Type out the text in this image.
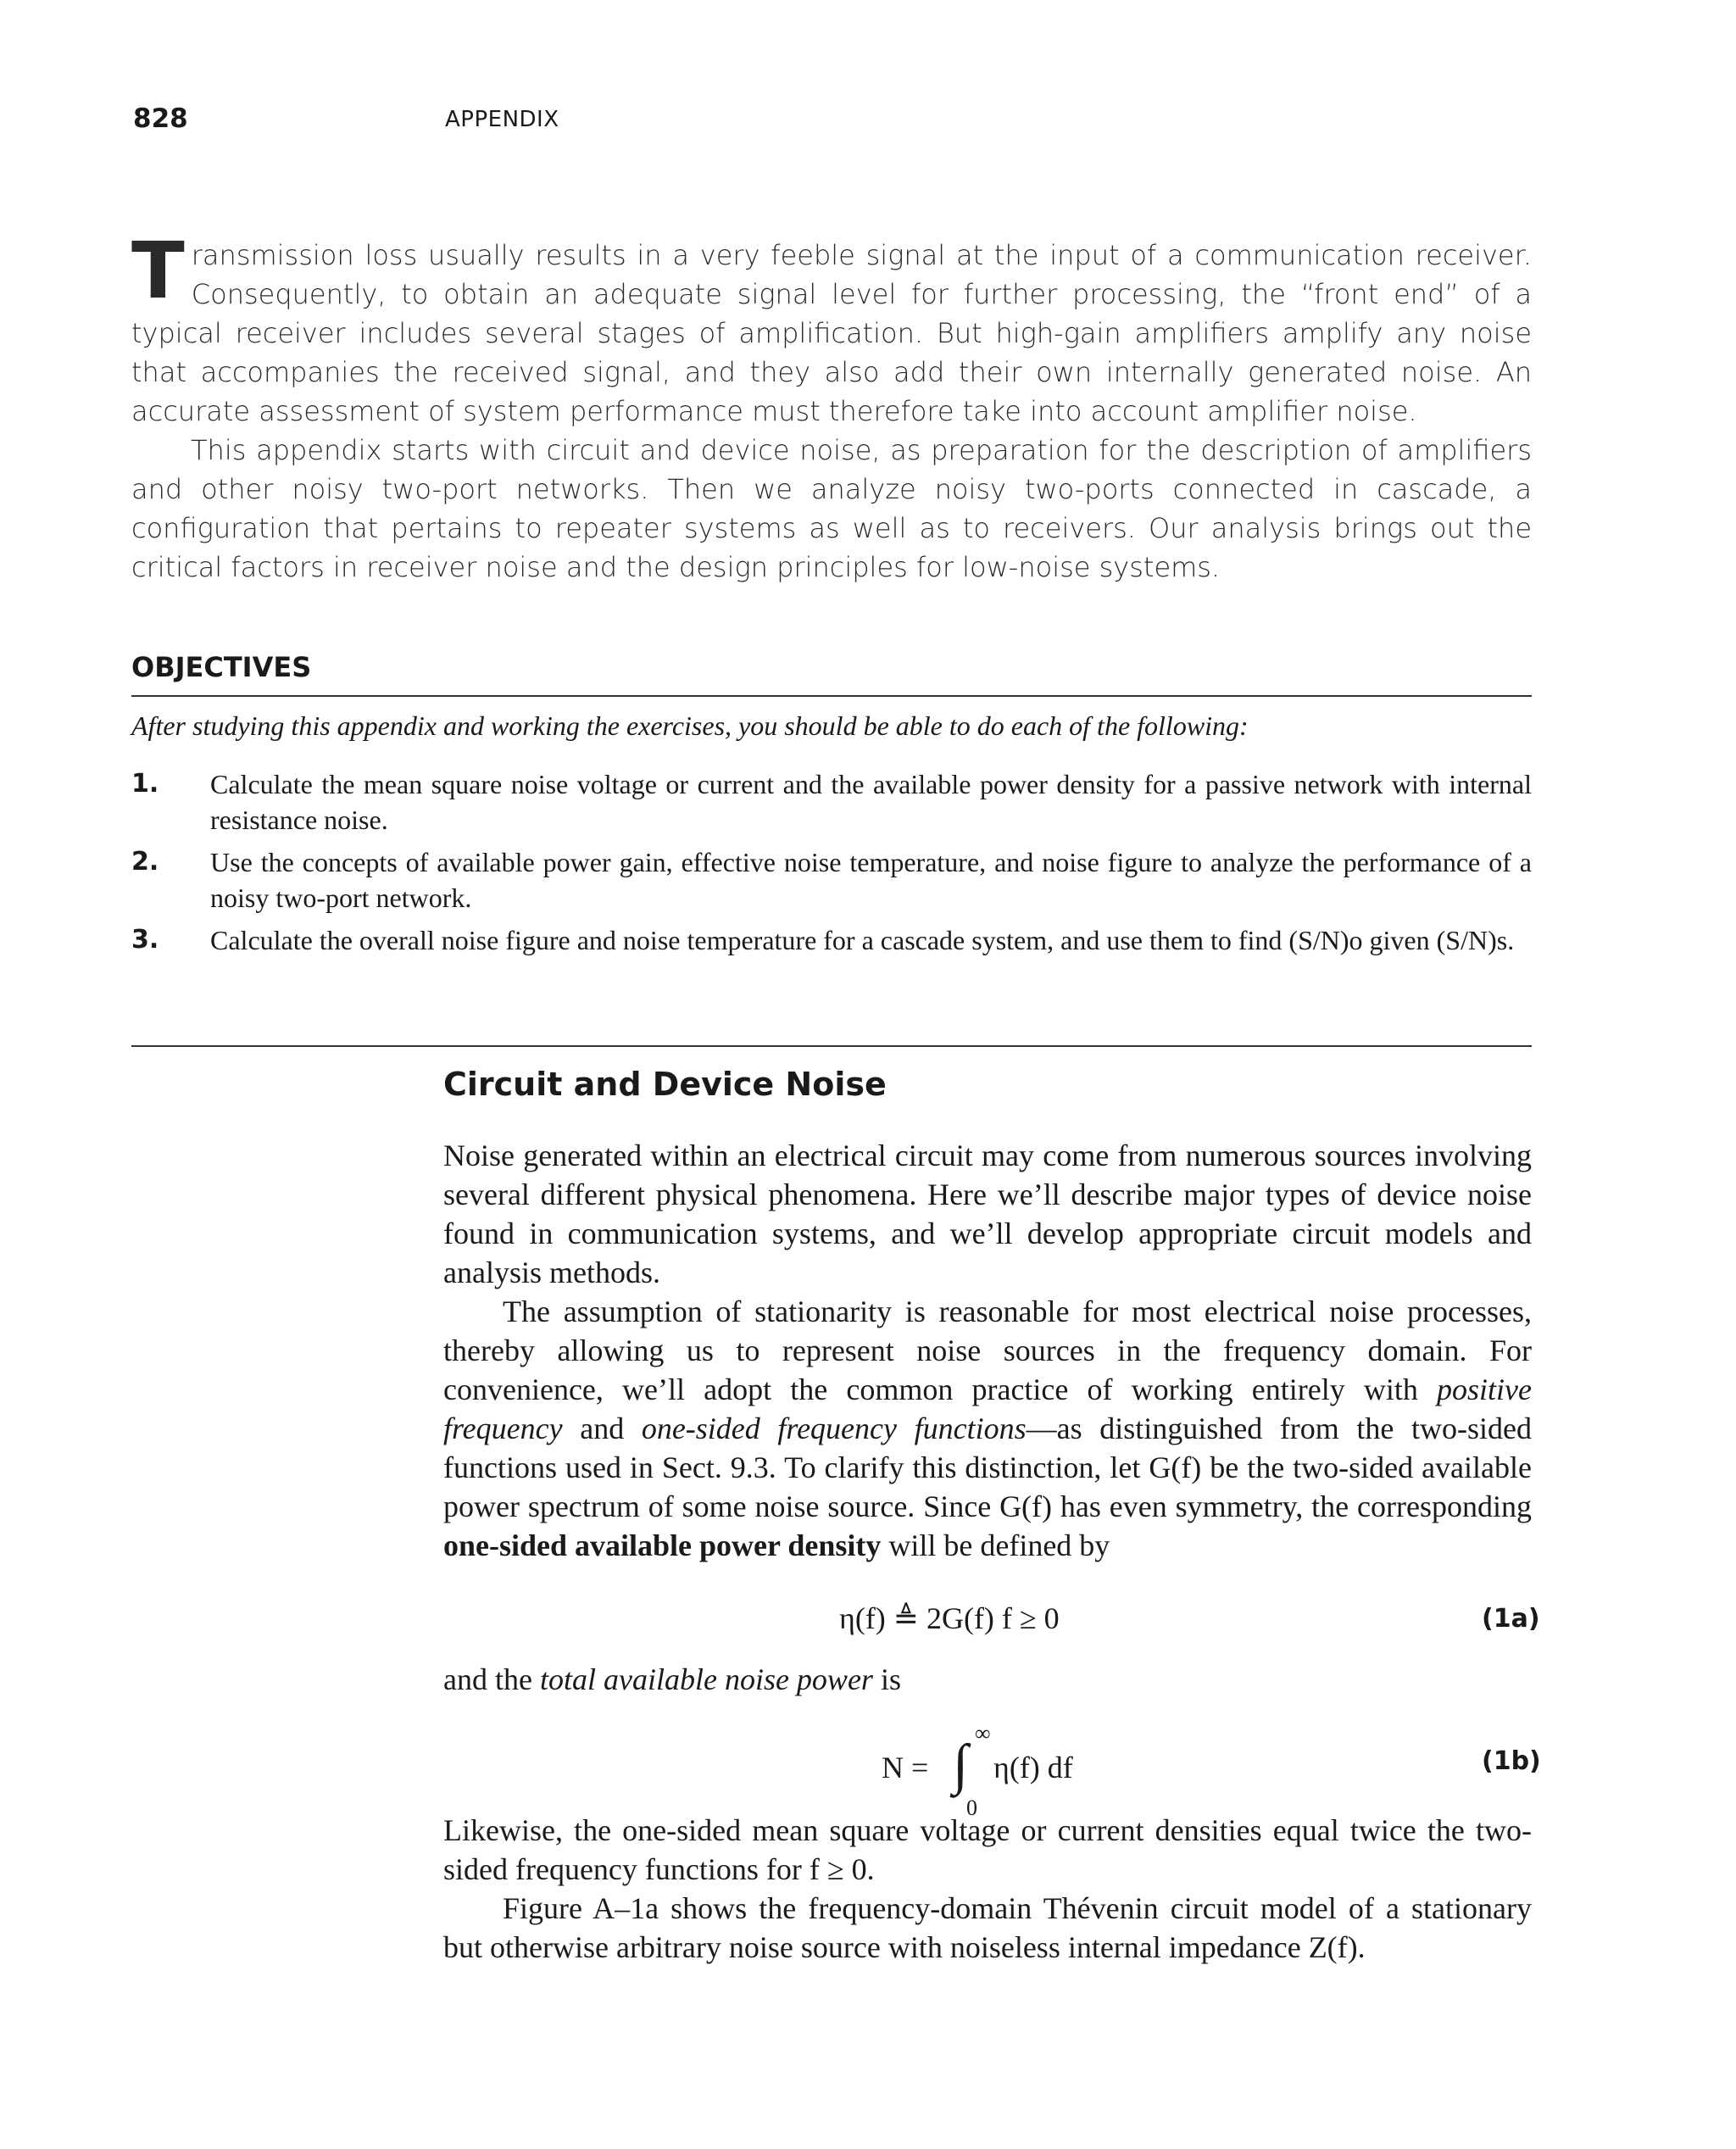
828	APPENDIX

Transmission loss usually results in a very feeble signal at the input of a communication receiver. Consequently, to obtain an adequate signal level for further processing, the “front end” of a typical receiver includes several stages of amplification. But high-gain amplifiers amplify any noise that accompanies the received signal, and they also add their own internally generated noise. An accurate assessment of system performance must therefore take into account amplifier noise.

This appendix starts with circuit and device noise, as preparation for the description of amplifiers and other noisy two-port networks. Then we analyze noisy two-ports connected in cascade, a configuration that pertains to repeater systems as well as to receivers. Our analysis brings out the critical factors in receiver noise and the design principles for low-noise systems.

OBJECTIVES
After studying this appendix and working the exercises, you should be able to do each of the following:
1. Calculate the mean square noise voltage or current and the available power density for a passive network with internal resistance noise.
2. Use the concepts of available power gain, effective noise temperature, and noise figure to analyze the performance of a noisy two-port network.
3. Calculate the overall noise figure and noise temperature for a cascade system, and use them to find (S/N)o given (S/N)s.
Circuit and Device Noise

Noise generated within an electrical circuit may come from numerous sources involving several different physical phenomena. Here we’ll describe major types of device noise found in communication systems, and we’ll develop appropriate circuit models and analysis methods.

The assumption of stationarity is reasonable for most electrical noise processes, thereby allowing us to represent noise sources in the frequency domain. For convenience, we’ll adopt the common practice of working entirely with positive frequency and one-sided frequency functions—as distinguished from the two-sided functions used in Sect. 9.3. To clarify this distinction, let G(f) be the two-sided available power spectrum of some noise source. Since G(f) has even symmetry, the corresponding one-sided available power density will be defined by

η(f) ≜ 2G(f) f ≥ 0	(1a)

and the total available noise power is

N = ∫
∞
0
η(f) df	(1b)

Likewise, the one-sided mean square voltage or current densities equal twice the two-sided frequency functions for f ≥ 0.

Figure A–1a shows the frequency-domain Thévenin circuit model of a stationary but otherwise arbitrary noise source with noiseless internal impedance Z(f).
